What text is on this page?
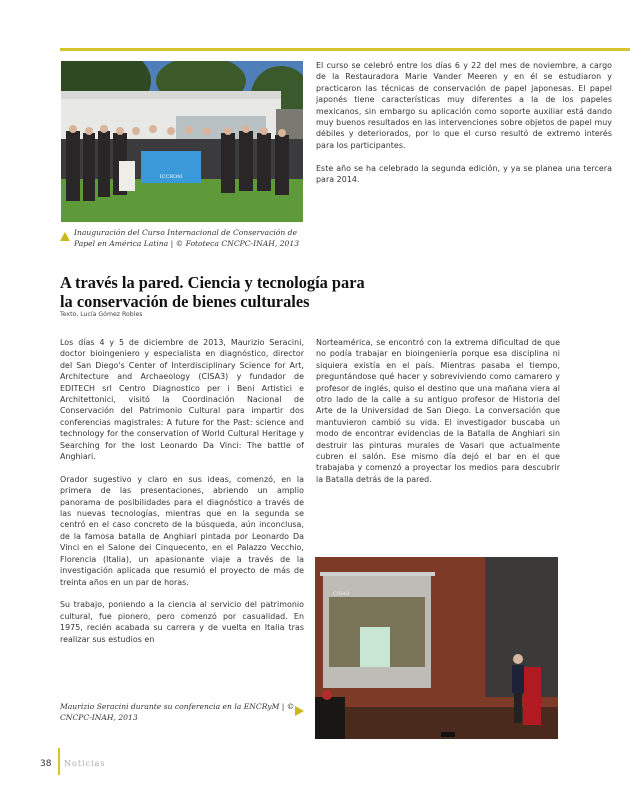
ICCROM
Inauguración del Curso Internacional de Conservación de Papel en América Latina | © Fototeca CNCPC-INAH, 2013

El curso se celebró entre los días 6 y 22 del mes de noviembre, a cargo de la Restauradora Marie Vander Meeren y en él se estudiaron y practicaron las técnicas de conservación de papel japonesas. El papel japonés tiene características muy diferentes a la de los papeles mexicanos, sin embargo su aplicación como soporte auxiliar está dando muy buenos resultados en las intervenciones sobre objetos de papel muy débiles y deteriorados, por lo que el curso resultó de extremo interés para los participantes.

Este año se ha celebrado la segunda edición, y ya se planea una tercera para 2014.

A través la pared. Ciencia y tecnología para la conservación de bienes culturales
Texto, Lucía Gómez Robles

Los días 4 y 5 de diciembre de 2013, Maurizio Seracini, doctor bioingeniero y especialista en diagnóstico, director del San Diego's Center of Interdisciplinary Science for Art, Architecture and Archaeology (CISA3) y fundador de EDITECH srl Centro Diagnostico per i Beni Artistici e Architettonici, visitó la Coordinación Nacional de Conservación del Patrimonio Cultural para impartir dos conferencias magistrales: A future for the Past: science and technology for the conservation of World Cultural Heritage y Searching for the lost Leonardo Da Vinci: The battle of Anghiari.

Orador sugestivo y claro en sus ideas, comenzó, en la primera de las presentaciones, abriendo un amplio panorama de posibilidades para el diagnóstico a través de las nuevas tecnologías, mientras que en la segunda se centró en el caso concreto de la búsqueda, aún inconclusa, de la famosa batalla de Anghiari pintada por Leonardo Da Vinci en el Salone dei Cinquecento, en el Palazzo Vecchio, Florencia (Italia), un apasionante viaje a través de la investigación aplicada que resumió el proyecto de más de treinta años en un par de horas.

Su trabajo, poniendo a la ciencia al servicio del patrimonio cultural, fue pionero, pero comenzó por casualidad. En 1975, recién acabada su carrera y de vuelta en Italia tras realizar sus estudios en

Norteamérica, se encontró con la extrema dificultad de que no podía trabajar en bioingeniería porque esa disciplina ni siquiera existía en el país. Mientras pasaba el tiempo, preguntándose qué hacer y sobreviviendo como camarero y profesor de inglés, quiso el destino que una mañana viera al otro lado de la calle a su antiguo profesor de Historia del Arte de la Universidad de San Diego. La conversación que mantuvieron cambió su vida. El investigador buscaba un modo de encontrar evidencias de la Batalla de Anghiari sin destruir las pinturas murales de Vasari que actualmente cubren el salón. Ese mismo día dejó el bar en el que trabajaba y comenzó a proyectar los medios para descubrir la Batalla detrás de la pared.

CISA3
Maurizio Seracini durante su conferencia en la ENCRyM | © CNCPC-INAH, 2013
38 Noticias
